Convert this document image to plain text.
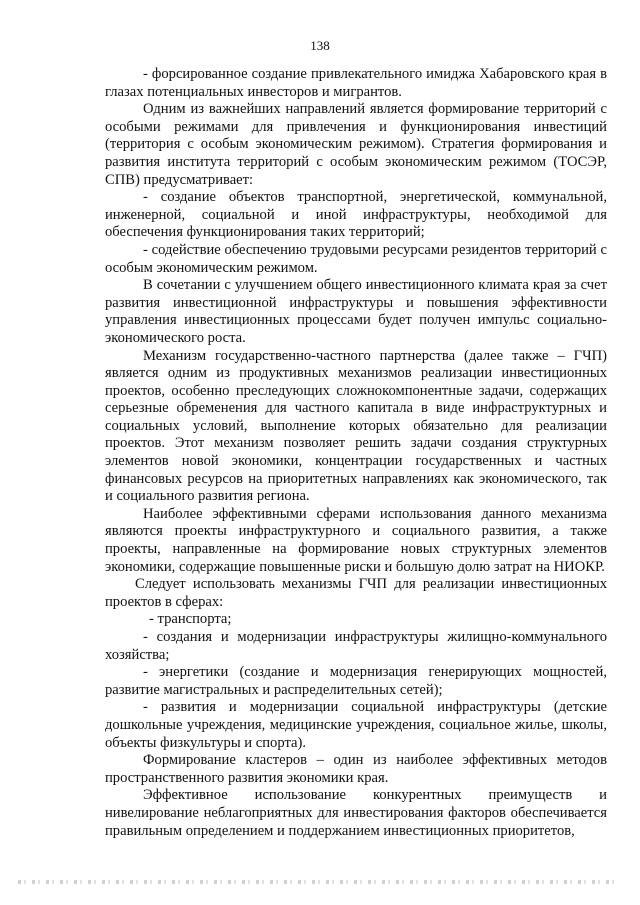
138

- форсированное создание привлекательного имиджа Хабаровского края в глазах потенциальных инвесторов и мигрантов.

Одним из важнейших направлений является формирование территорий с особыми режимами для привлечения и функционирования инвестиций (территория с особым экономическим режимом). Стратегия формирования и развития института территорий с особым экономическим режимом (ТОСЭР, СПВ) предусматривает:

- создание объектов транспортной, энергетической, коммунальной, инженерной, социальной и иной инфраструктуры, необходимой для обеспечения функционирования таких территорий;

- содействие обеспечению трудовыми ресурсами резидентов территорий с особым экономическим режимом.

В сочетании с улучшением общего инвестиционного климата края за счет развития инвестиционной инфраструктуры и повышения эффективности управления инвестиционных процессами будет получен импульс социально-экономического роста.

Механизм государственно-частного партнерства (далее также – ГЧП) является одним из продуктивных механизмов реализации инвестиционных проектов, особенно преследующих сложнокомпонентные задачи, содержащих серьезные обременения для частного капитала в виде инфраструктурных и социальных условий, выполнение которых обязательно для реализации проектов. Этот механизм позволяет решить задачи создания структурных элементов новой экономики, концентрации государственных и частных финансовых ресурсов на приоритетных направлениях как экономического, так и социального развития региона.

Наиболее эффективными сферами использования данного механизма являются проекты инфраструктурного и социального развития, а также проекты, направленные на формирование новых структурных элементов экономики, содержащие повышенные риски и большую долю затрат на НИОКР.

Следует использовать механизмы ГЧП для реализации инвестиционных проектов в сферах:

- транспорта;

- создания и модернизации инфраструктуры жилищно-коммунального хозяйства;

- энергетики (создание и модернизация генерирующих мощностей, развитие магистральных и распределительных сетей);

- развития и модернизации социальной инфраструктуры (детские дошкольные учреждения, медицинские учреждения, социальное жилье, школы, объекты физкультуры и спорта).

Формирование кластеров – один из наиболее эффективных методов пространственного развития экономики края.

Эффективное использование конкурентных преимуществ и нивелирование неблагоприятных для инвестирования факторов обеспечивается правильным определением и поддержанием инвестиционных приоритетов,
